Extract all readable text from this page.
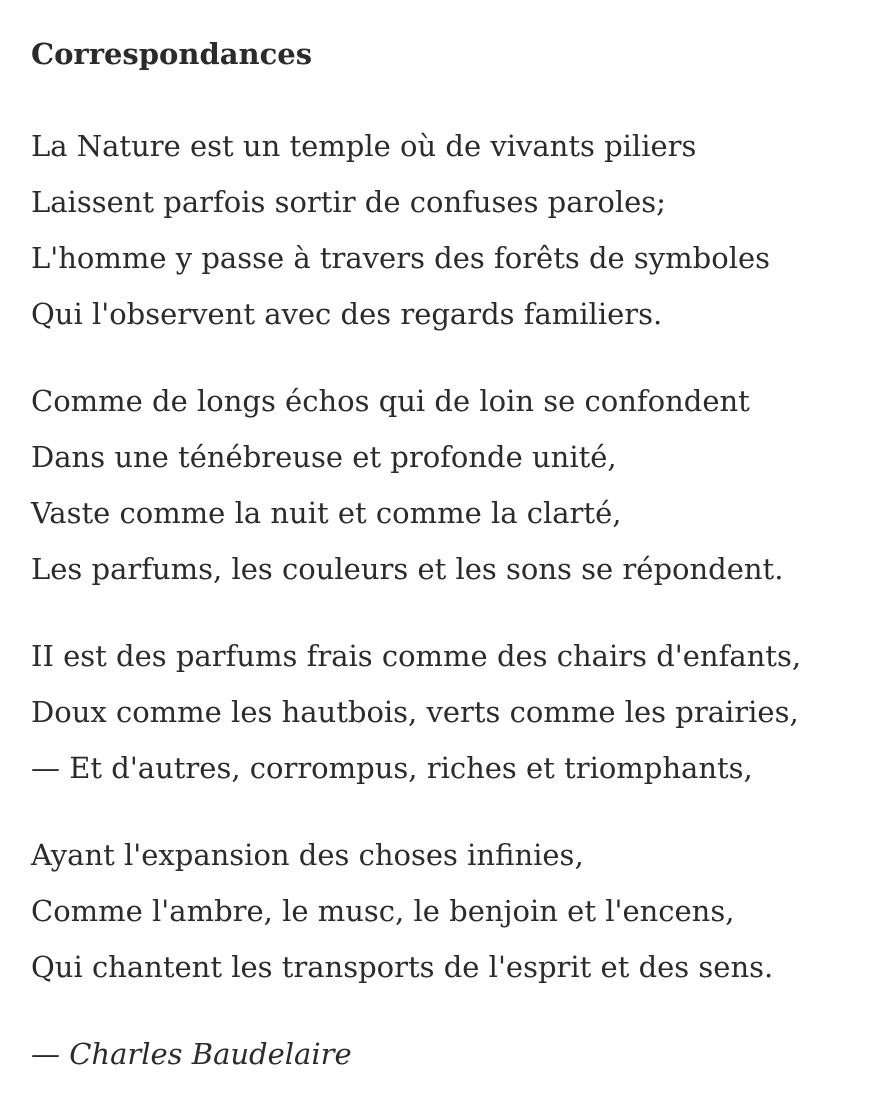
Correspondances
La Nature est un temple où de vivants piliers
Laissent parfois sortir de confuses paroles;
L'homme y passe à travers des forêts de symboles
Qui l'observent avec des regards familiers.
Comme de longs échos qui de loin se confondent
Dans une ténébreuse et profonde unité,
Vaste comme la nuit et comme la clarté,
Les parfums, les couleurs et les sons se répondent.
II est des parfums frais comme des chairs d'enfants,
Doux comme les hautbois, verts comme les prairies,
— Et d'autres, corrompus, riches et triomphants,
Ayant l'expansion des choses infinies,
Comme l'ambre, le musc, le benjoin et l'encens,
Qui chantent les transports de l'esprit et des sens.
— Charles Baudelaire
